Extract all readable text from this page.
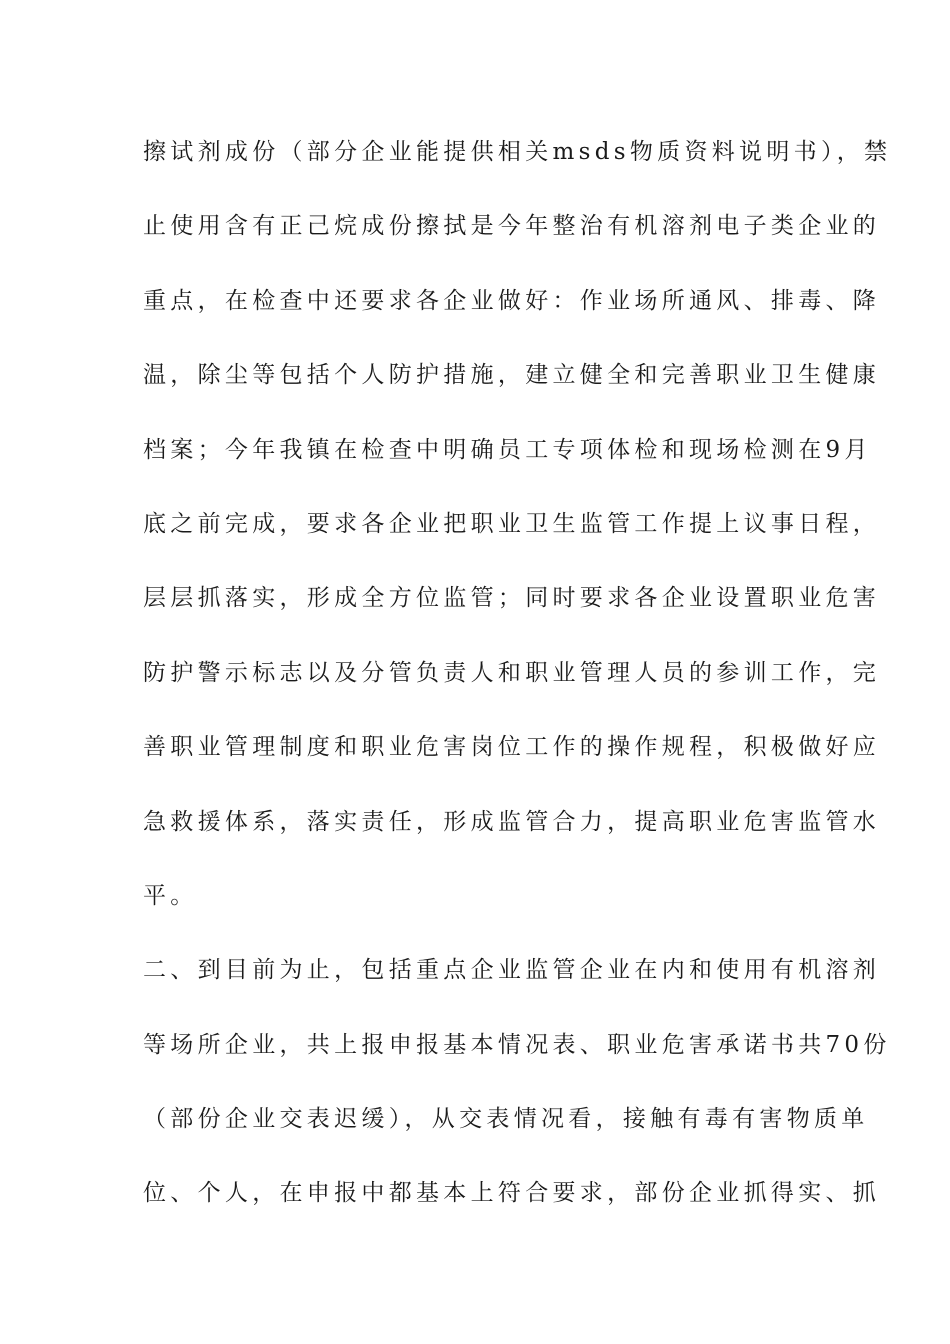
擦试剂成份（部分企业能提供相关msds物质资料说明书），禁
止使用含有正己烷成份擦拭是今年整治有机溶剂电子类企业的
重点，在检查中还要求各企业做好：作业场所通风、排毒、降
温，除尘等包括个人防护措施，建立健全和完善职业卫生健康
档案；今年我镇在检查中明确员工专项体检和现场检测在9月
底之前完成，要求各企业把职业卫生监管工作提上议事日程，
层层抓落实，形成全方位监管；同时要求各企业设置职业危害
防护警示标志以及分管负责人和职业管理人员的参训工作，完
善职业管理制度和职业危害岗位工作的操作规程，积极做好应
急救援体系，落实责任，形成监管合力，提高职业危害监管水
平。
二、到目前为止，包括重点企业监管企业在内和使用有机溶剂
等场所企业，共上报申报基本情况表、职业危害承诺书共70份
（部份企业交表迟缓），从交表情况看，接触有毒有害物质单
位、个人，在申报中都基本上符合要求，部份企业抓得实、抓
